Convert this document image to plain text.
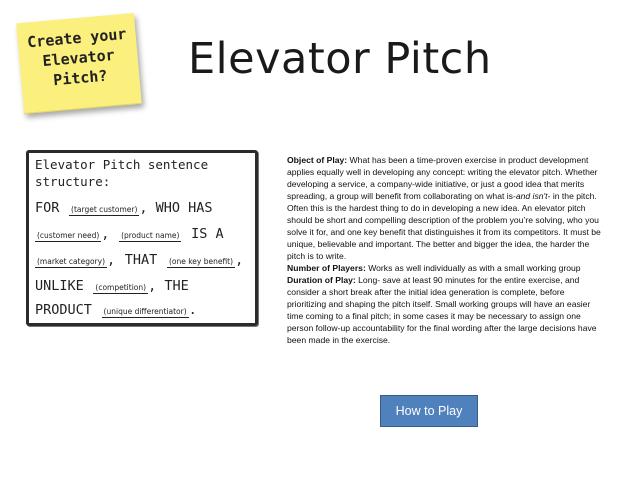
Create your
Elevator
Pitch?	Elevator Pitch
Elevator Pitch sentence
structure:
FOR (target customer) , WHO HAS
(customer need) , (product name) IS A
(market category) , THAT (one key benefit) ,
UNLIKE (competition) , THE
PRODUCT (unique differentiator) .

Object of Play: What has been a time-proven exercise in product development applies equally well in developing any concept: writing the elevator pitch. Whether developing a service, a company-wide initiative, or just a good idea that merits spreading, a group will benefit from collaborating on what is-and isn't- in the pitch.

Often this is the hardest thing to do in developing a new idea. An elevator pitch should be short and compelling description of the problem you’re solving, who you solve it for, and one key benefit that distinguishes it from its competitors. It must be unique, believable and important. The better and bigger the idea, the harder the pitch is to write.

Number of Players: Works as well individually as with a small working group

Duration of Play: Long- save at least 90 minutes for the entire exercise, and consider a short break after the initial idea generation is complete, before prioritizing and shaping the pitch itself. Small working groups will have an easier time coming to a final pitch; in some cases it may be necessary to assign one person follow-up accountability for the final wording after the large decisions have been made in the exercise.

How to Play
